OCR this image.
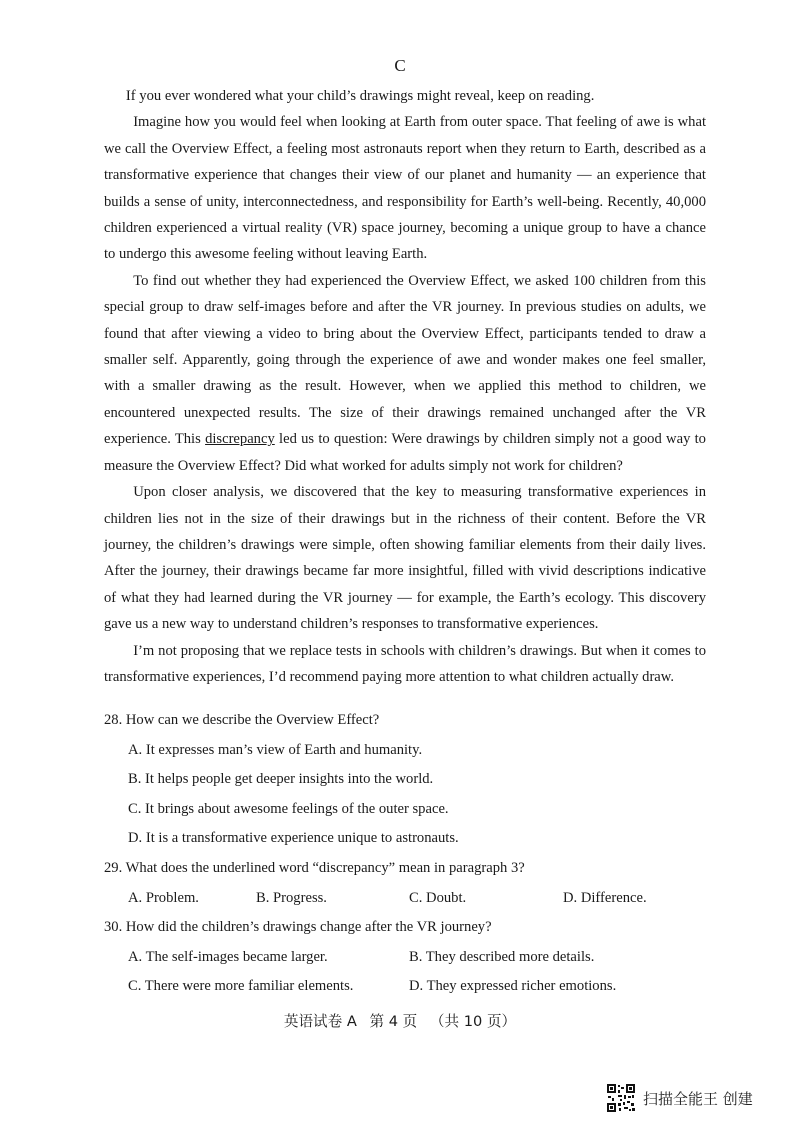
C

If you ever wondered what your child’s drawings might reveal, keep on reading.

Imagine how you would feel when looking at Earth from outer space. That feeling of awe is what we call the Overview Effect, a feeling most astronauts report when they return to Earth, described as a transformative experience that changes their view of our planet and humanity — an experience that builds a sense of unity, interconnectedness, and responsibility for Earth’s well-being. Recently, 40,000 children experienced a virtual reality (VR) space journey, becoming a unique group to have a chance to undergo this awesome feeling without leaving Earth.

To find out whether they had experienced the Overview Effect, we asked 100 children from this special group to draw self-images before and after the VR journey. In previous studies on adults, we found that after viewing a video to bring about the Overview Effect, participants tended to draw a smaller self. Apparently, going through the experience of awe and wonder makes one feel smaller, with a smaller drawing as the result. However, when we applied this method to children, we encountered unexpected results. The size of their drawings remained unchanged after the VR experience. This discrepancy led us to question: Were drawings by children simply not a good way to measure the Overview Effect? Did what worked for adults simply not work for children?

Upon closer analysis, we discovered that the key to measuring transformative experiences in children lies not in the size of their drawings but in the richness of their content. Before the VR journey, the children’s drawings were simple, often showing familiar elements from their daily lives. After the journey, their drawings became far more insightful, filled with vivid descriptions indicative of what they had learned during the VR journey — for example, the Earth’s ecology. This discovery gave us a new way to understand children’s responses to transformative experiences.

I’m not proposing that we replace tests in schools with children’s drawings. But when it comes to transformative experiences, I’d recommend paying more attention to what children actually draw.

28. How can we describe the Overview Effect?

A. It expresses man’s view of Earth and humanity.

B. It helps people get deeper insights into the world.

C. It brings about awesome feelings of the outer space.

D. It is a transformative experience unique to astronauts.

29. What does the underlined word “discrepancy” mean in paragraph 3?

A. Problem.	B. Progress.	C. Doubt.	D. Difference.

30. How did the children’s drawings change after the VR journey?

A. The self-images became larger.	B. They described more details.
C. There were more familiar elements.	D. They expressed richer emotions.
英语试卷 A 第 4 页 （共 10 页）
扫描全能王 创建
